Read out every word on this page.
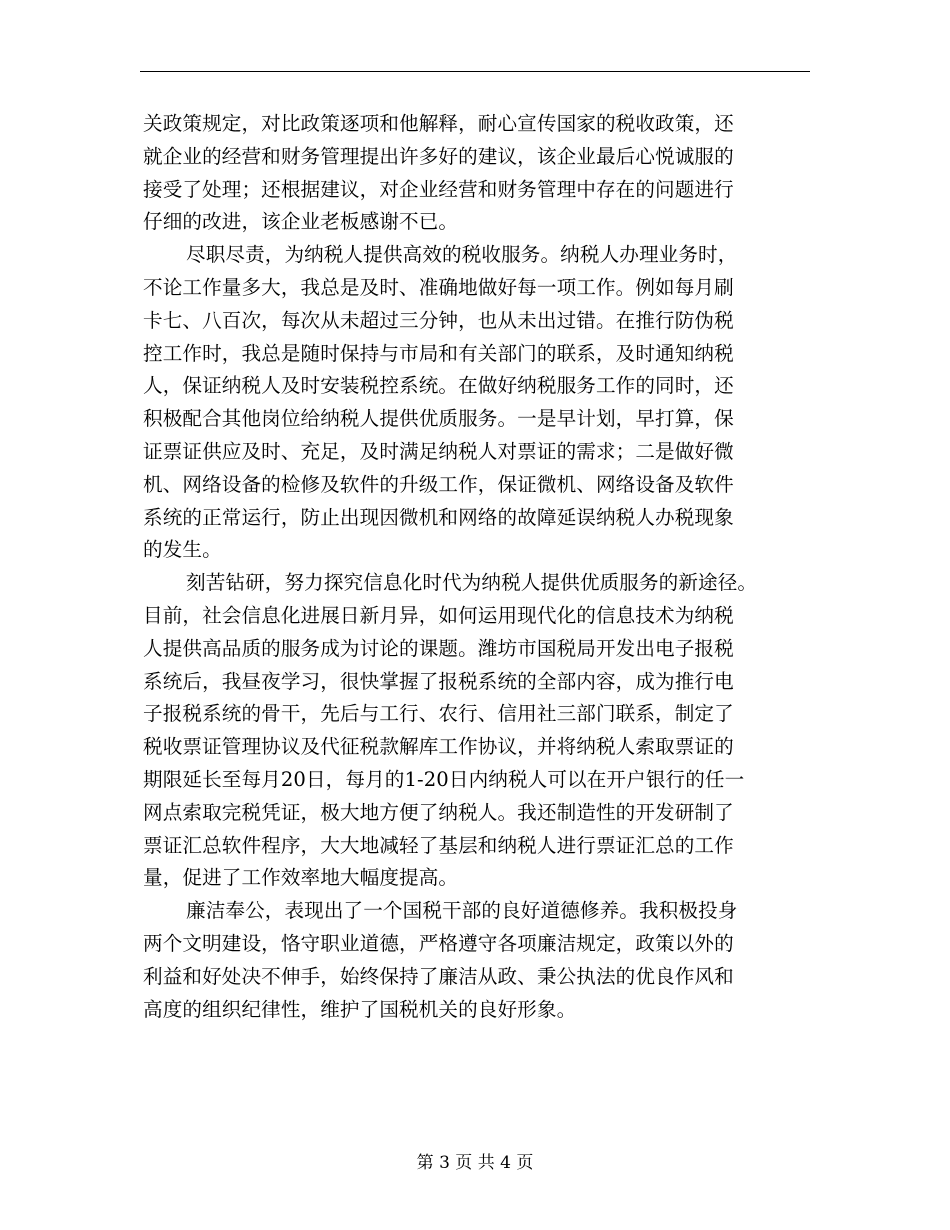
关政策规定，对比政策逐项和他解释，耐心宣传国家的税收政策，还
就企业的经营和财务管理提出许多好的建议，该企业最后心悦诚服的
接受了处理；还根据建议，对企业经营和财务管理中存在的问题进行
仔细的改进，该企业老板感谢不已。
尽职尽责，为纳税人提供高效的税收服务。纳税人办理业务时，
不论工作量多大，我总是及时、准确地做好每一项工作。例如每月刷
卡七、八百次，每次从未超过三分钟，也从未出过错。在推行防伪税
控工作时，我总是随时保持与市局和有关部门的联系，及时通知纳税
人，保证纳税人及时安装税控系统。在做好纳税服务工作的同时，还
积极配合其他岗位给纳税人提供优质服务。一是早计划，早打算，保
证票证供应及时、充足，及时满足纳税人对票证的需求；二是做好微
机、网络设备的检修及软件的升级工作，保证微机、网络设备及软件
系统的正常运行，防止出现因微机和网络的故障延误纳税人办税现象
的发生。
刻苦钻研，努力探究信息化时代为纳税人提供优质服务的新途径。
目前，社会信息化进展日新月异，如何运用现代化的信息技术为纳税
人提供高品质的服务成为讨论的课题。潍坊市国税局开发出电子报税
系统后，我昼夜学习，很快掌握了报税系统的全部内容，成为推行电
子报税系统的骨干，先后与工行、农行、信用社三部门联系，制定了
税收票证管理协议及代征税款解库工作协议，并将纳税人索取票证的
期限延长至每月20日，每月的1-20日内纳税人可以在开户银行的任一
网点索取完税凭证，极大地方便了纳税人。我还制造性的开发研制了
票证汇总软件程序，大大地减轻了基层和纳税人进行票证汇总的工作
量，促进了工作效率地大幅度提高。
廉洁奉公，表现出了一个国税干部的良好道德修养。我积极投身
两个文明建设，恪守职业道德，严格遵守各项廉洁规定，政策以外的
利益和好处决不伸手，始终保持了廉洁从政、秉公执法的优良作风和
高度的组织纪律性，维护了国税机关的良好形象。
第 3 页 共 4 页
